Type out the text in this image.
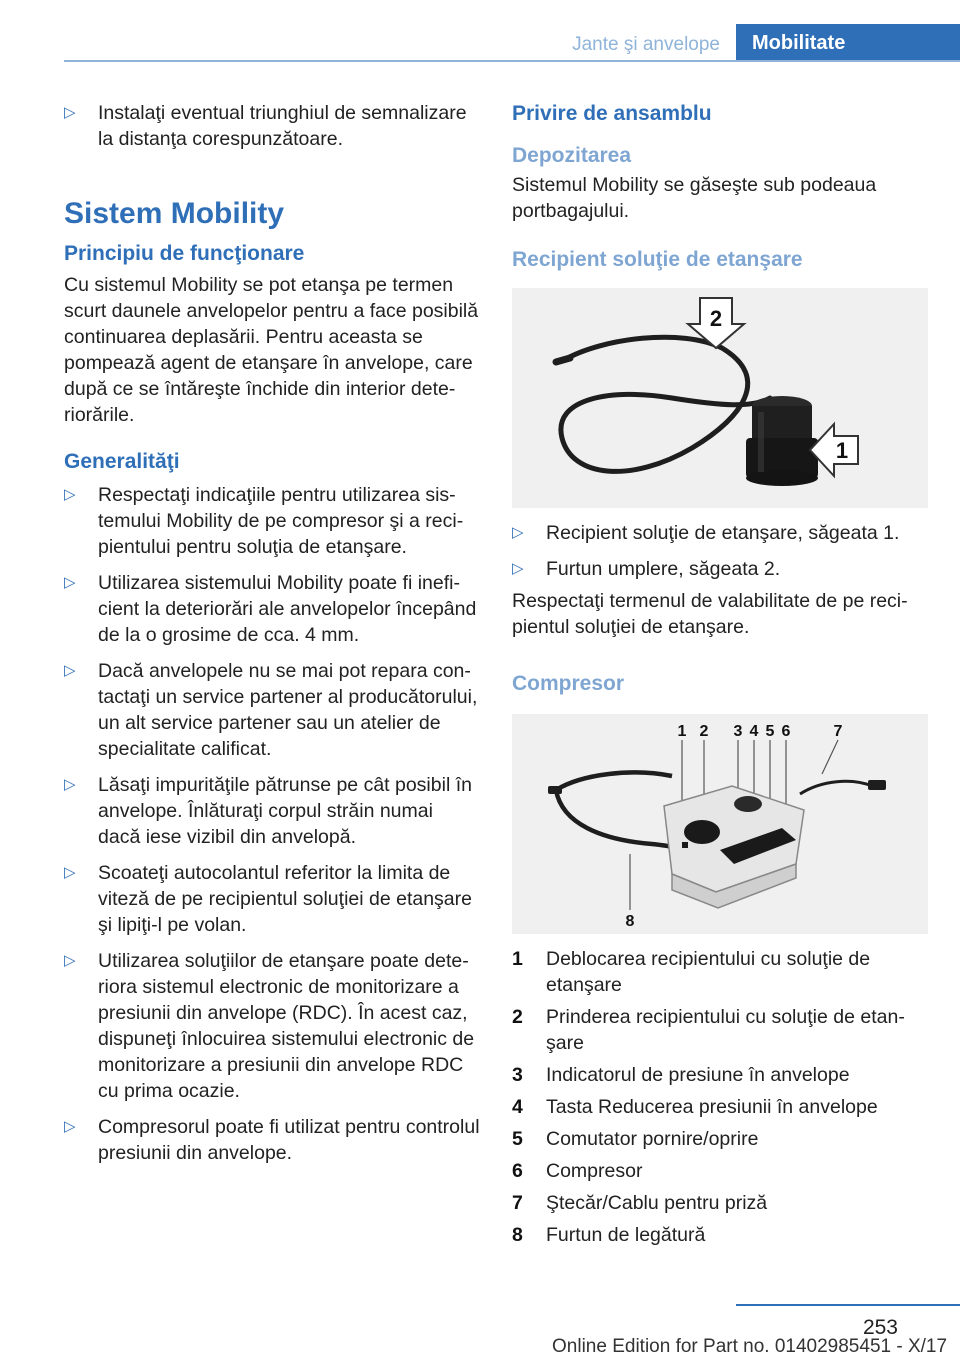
Jante şi anvelope	Mobilitate
▷ Instalaţi eventual triunghiul de semnalizare la distanţa corespunzătoare.
Sistem Mobility
Principiu de funcţionare

Cu sistemul Mobility se pot etanşa pe termen scurt daunele anvelopelor pentru a face posibilă continuarea deplasării. Pentru aceasta se pompează agent de etanşare în anvelope, care după ce se întăreşte închide din interior deteriorările.

Generalităţi
▷ Respectaţi indicaţiile pentru utilizarea sistemului Mobility de pe compresor şi a recipientului pentru soluţia de etanşare.
▷ Utilizarea sistemului Mobility poate fi ineficient la deteriorări ale anvelopelor începând de la o grosime de cca. 4 mm.
▷ Dacă anvelopele nu se mai pot repara contactaţi un service partener al producătorului, un alt service partener sau un atelier de specialitate calificat.
▷ Lăsaţi impurităţile pătrunse pe cât posibil în anvelope. Înlăturaţi corpul străin numai dacă iese vizibil din anvelopă.
▷ Scoateţi autocolantul referitor la limita de viteză de pe recipientul soluţiei de etanşare şi lipiţi-l pe volan.
▷ Utilizarea soluţiilor de etanşare poate deteriora sistemul electronic de monitorizare a presiunii din anvelope (RDC). În acest caz, dispuneţi înlocuirea sistemului electronic de monitorizare a presiunii din anvelope RDC cu prima ocazie.
▷ Compresorul poate fi utilizat pentru controlul presiunii din anvelope.
Privire de ansamblu
Depozitarea

Sistemul Mobility se găseşte sub podeaua portbagajului.

Recipient soluţie de etanşare
2
1
▷ Recipient soluţie de etanşare, săgeata 1.
▷ Furtun umplere, săgeata 2.

Respectaţi termenul de valabilitate de pe recipientul soluţiei de etanşare.

Compresor
1 2 3 4 5 6	7
8
1 Deblocarea recipientului cu soluţie de etanşare
2 Prinderea recipientului cu soluţie de etanşare
3 Indicatorul de presiune în anvelope
4 Tasta Reducerea presiunii în anvelope
5 Comutator pornire/oprire
6 Compresor
7 Ştecăr/Cablu pentru priză
8 Furtun de legătură
253
Online Edition for Part no. 01402985451 - X/17
